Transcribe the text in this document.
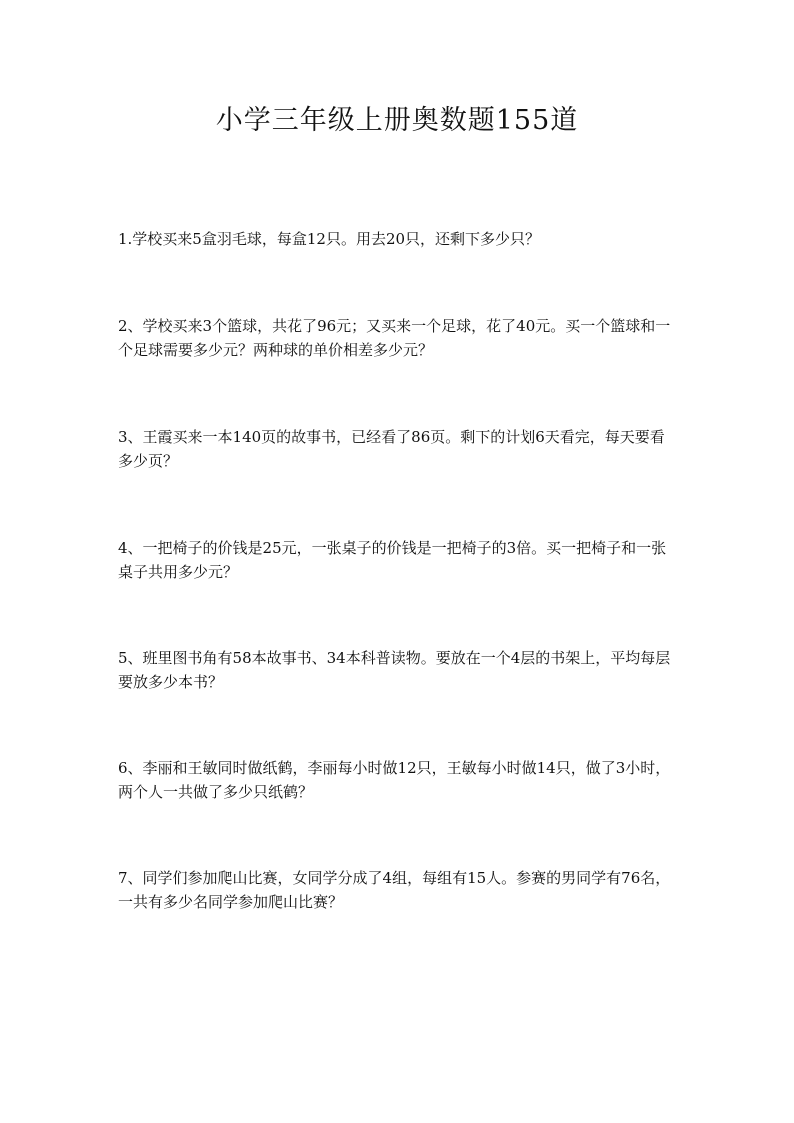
小学三年级上册奥数题155道

1.学校买来5盒羽毛球，每盒12只。用去20只，还剩下多少只？

2、学校买来3个篮球，共花了96元；又买来一个足球，花了40元。买一个篮球和一个足球需要多少元？两种球的单价相差多少元？

3、王霞买来一本140页的故事书，已经看了86页。剩下的计划6天看完，每天要看多少页？

4、一把椅子的价钱是25元，一张桌子的价钱是一把椅子的3倍。买一把椅子和一张桌子共用多少元？

5、班里图书角有58本故事书、34本科普读物。要放在一个4层的书架上，平均每层要放多少本书？

6、李丽和王敏同时做纸鹤，李丽每小时做12只，王敏每小时做14只，做了3小时，两个人一共做了多少只纸鹤？

7、同学们参加爬山比赛，女同学分成了4组，每组有15人。参赛的男同学有76名，一共有多少名同学参加爬山比赛？
